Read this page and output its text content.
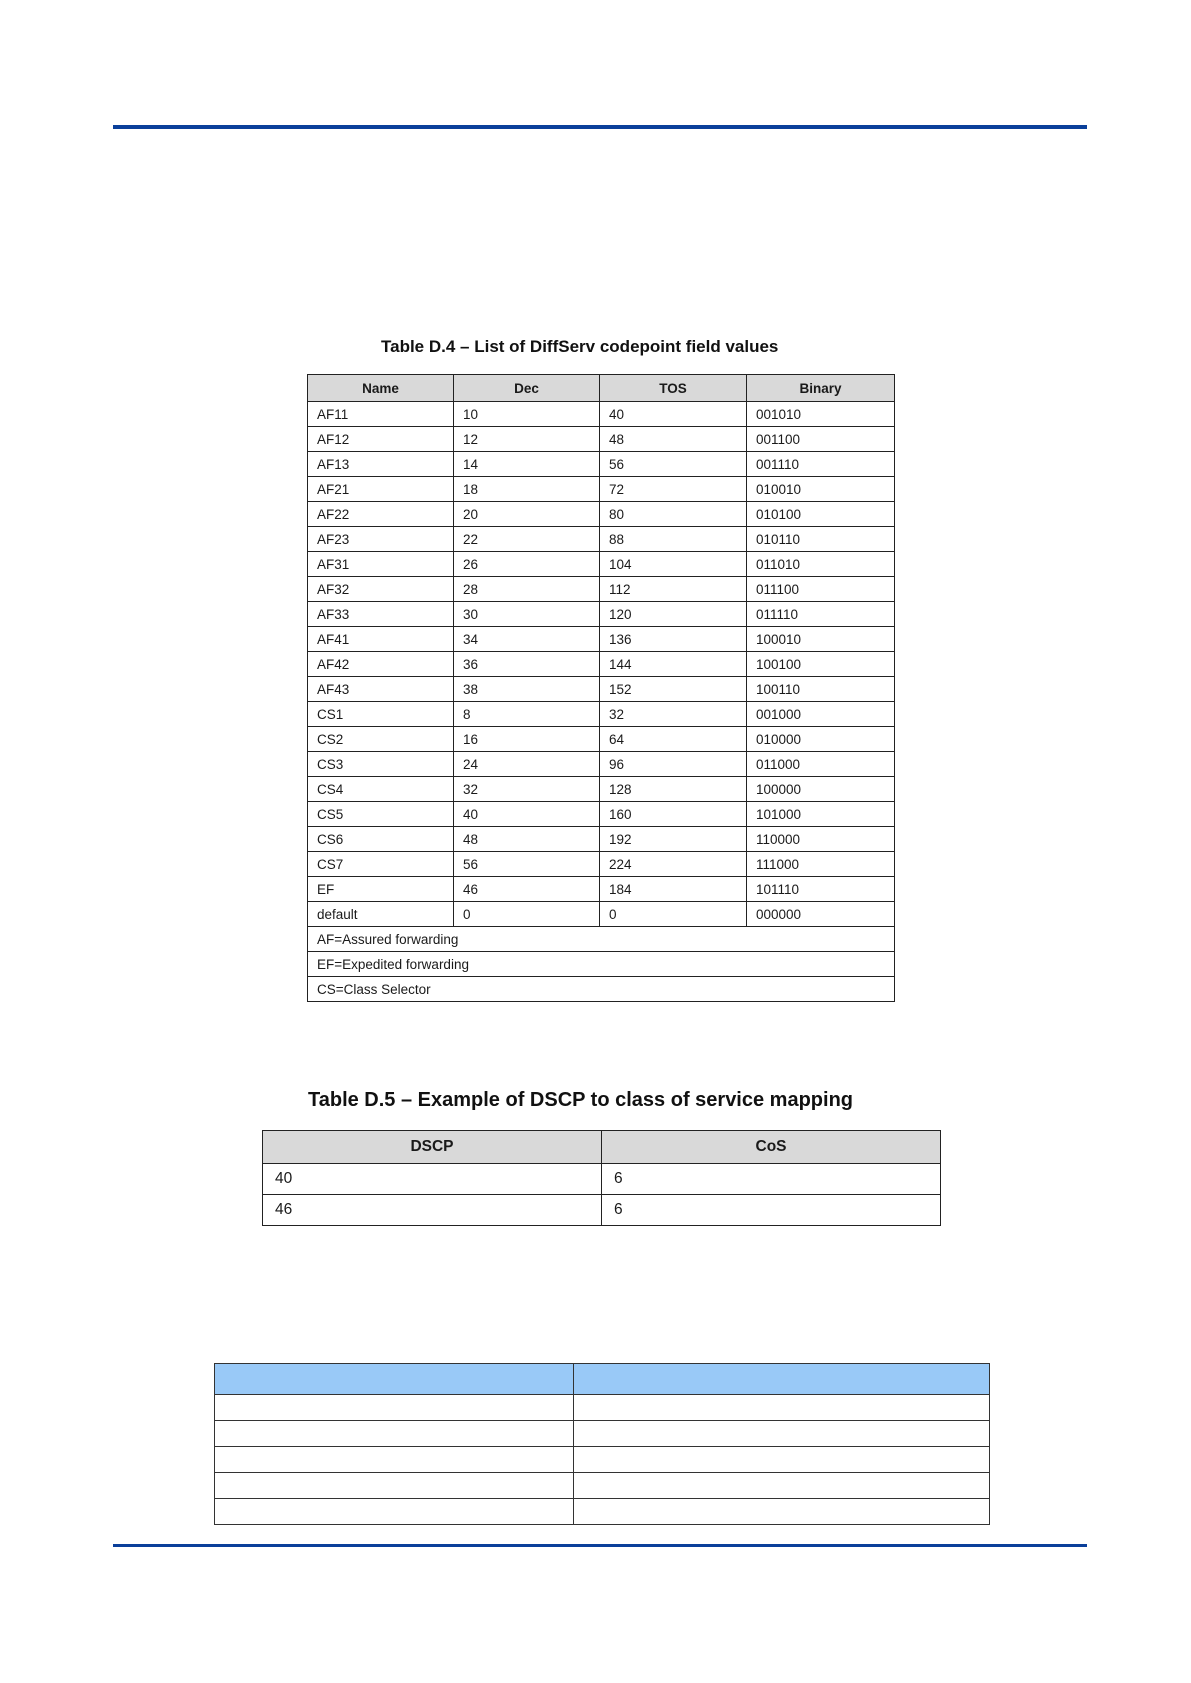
Table D.4 – List of DiffServ codepoint field values
Name	Dec	TOS	Binary
AF11	10	40	001010
AF12	12	48	001100
AF13	14	56	001110
AF21	18	72	010010
AF22	20	80	010100
AF23	22	88	010110
AF31	26	104	011010
AF32	28	112	011100
AF33	30	120	011110
AF41	34	136	100010
AF42	36	144	100100
AF43	38	152	100110
CS1	8	32	001000
CS2	16	64	010000
CS3	24	96	011000
CS4	32	128	100000
CS5	40	160	101000
CS6	48	192	110000
CS7	56	224	111000
EF	46	184	101110
default	0	0	000000
AF=Assured forwarding			
EF=Expedited forwarding			
CS=Class Selector			
Table D.5 – Example of DSCP to class of service mapping
DSCP	CoS
40	6
46	6
